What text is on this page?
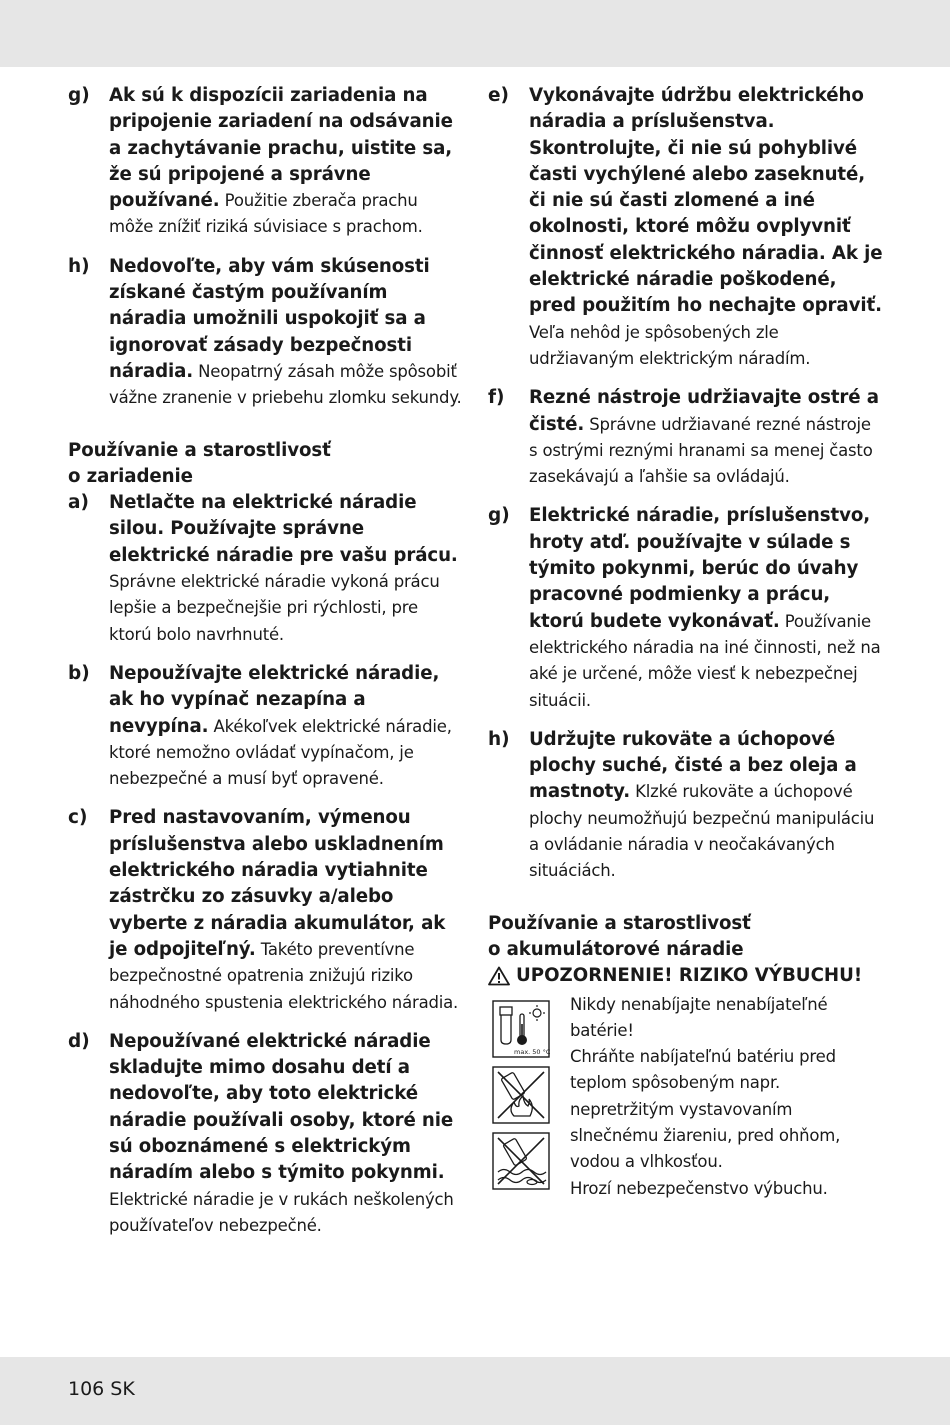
g) Ak sú k dispozícii zariadenia na pripojenie zariadení na odsávanie a zachytávanie prachu, uistite sa, že sú pripojené a správne používané. Použitie zberača prachu môže znížiť riziká súvisiace s prachom.
h) Nedovoľte, aby vám skúsenosti získané častým používaním náradia umožnili uspokojiť sa a ignorovať zásady bezpečnosti náradia. Neopatrný zásah môže spôsobiť vážne zranenie v priebehu zlomku sekundy.
Používanie a starostlivosť
o zariadenie
a) Netlačte na elektrické náradie silou. Používajte správne elektrické náradie pre vašu prácu. Správne elektrické náradie vykoná prácu lepšie a bezpečnejšie pri rýchlosti, pre ktorú bolo navrhnuté.
b) Nepoužívajte elektrické náradie, ak ho vypínač nezapína a nevypína. Akékoľvek elektrické náradie, ktoré nemožno ovládať vypínačom, je nebezpečné a musí byť opravené.
c) Pred nastavovaním, výmenou príslušenstva alebo uskladnením elektrického náradia vytiahnite zástrčku zo zásuvky a/alebo vyberte z náradia akumulátor, ak je odpojiteľný. Takéto preventívne bezpečnostné opatrenia znižujú riziko náhodného spustenia elektrického náradia.
d) Nepoužívané elektrické náradie skladujte mimo dosahu detí a nedovoľte, aby toto elektrické náradie používali osoby, ktoré nie sú oboznámené s elektrickým náradím alebo s týmito pokynmi. Elektrické náradie je v rukách neškolených používateľov nebezpečné.
e) Vykonávajte údržbu elektrického náradia a príslušenstva. Skontrolujte, či nie sú pohyblivé časti vychýlené alebo zaseknuté, či nie sú časti zlomené a iné okolnosti, ktoré môžu ovplyvniť činnosť elektrického náradia. Ak je elektrické náradie poškodené, pred použitím ho nechajte opraviť. Veľa nehôd je spôsobených zle udržiavaným elektrickým náradím.
f) Rezné nástroje udržiavajte ostré a čisté. Správne udržiavané rezné nástroje s ostrými reznými hranami sa menej často zasekávajú a ľahšie sa ovládajú.
g) Elektrické náradie, príslušenstvo, hroty atď. používajte v súlade s týmito pokynmi, berúc do úvahy pracovné podmienky a prácu, ktorú budete vykonávať. Používanie elektrického náradia na iné činnosti, než na aké je určené, môže viesť k nebezpečnej situácii.
h) Udržujte rukoväte a úchopové plochy suché, čisté a bez oleja a mastnoty. Klzké rukoväte a úchopové plochy neumožňujú bezpečnú manipuláciu a ovládanie náradia v neočakávaných situáciách.
Používanie a starostlivosť
o akumulátorové náradie
UPOZORNENIE! RIZIKO VÝBUCHU!
max. 50 °C
Nikdy nenabíjajte nenabíjateľné batérie!
Chráňte nabíjateľnú batériu pred teplom spôsobeným napr. nepretržitým vystavovaním slnečnému žiareniu, pred ohňom, vodou a vlhkosťou.
Hrozí nebezpečenstvo výbuchu.
106 SK
